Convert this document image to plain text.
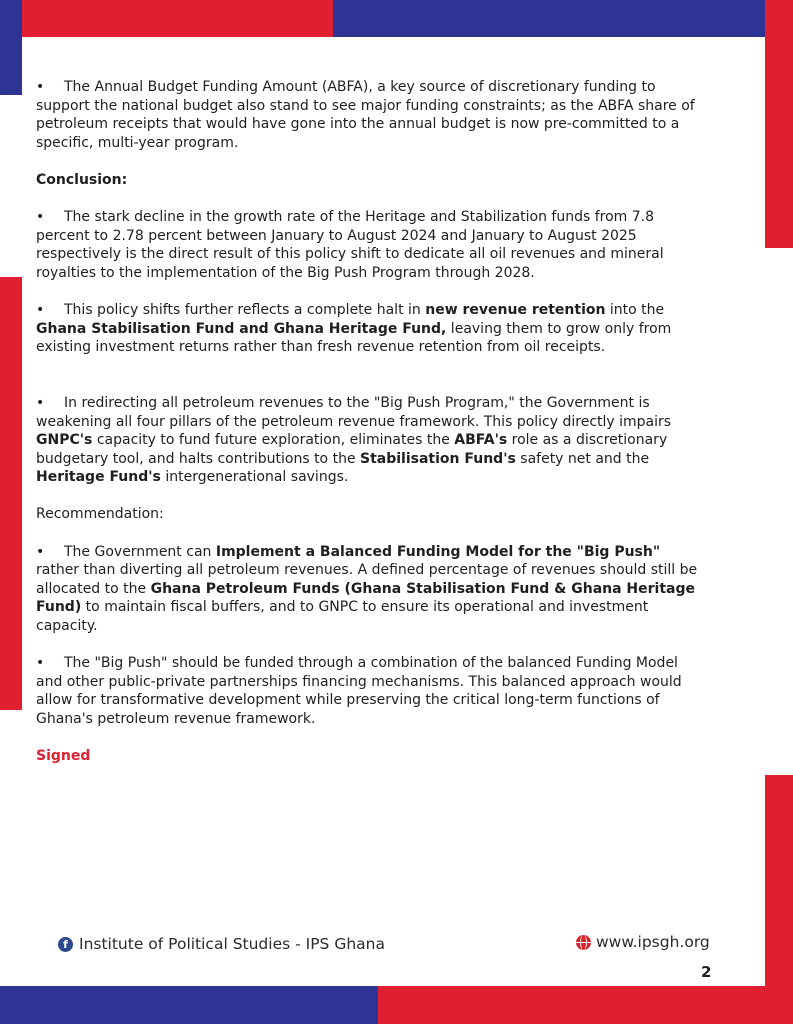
• The Annual Budget Funding Amount (ABFA), a key source of discretionary funding to support the national budget also stand to see major funding constraints; as the ABFA share of petroleum receipts that would have gone into the annual budget is now pre-committed to a specific, multi-year program.

Conclusion:

• The stark decline in the growth rate of the Heritage and Stabilization funds from 7.8 percent to 2.78 percent between January to August 2024 and January to August 2025 respectively is the direct result of this policy shift to dedicate all oil revenues and mineral royalties to the implementation of the Big Push Program through 2028.

• This policy shifts further reflects a complete halt in new revenue retention into the Ghana Stabilisation Fund and Ghana Heritage Fund, leaving them to grow only from existing investment returns rather than fresh revenue retention from oil receipts.

• In redirecting all petroleum revenues to the "Big Push Program," the Government is weakening all four pillars of the petroleum revenue framework. This policy directly impairs GNPC's capacity to fund future exploration, eliminates the ABFA's role as a discretionary budgetary tool, and halts contributions to the Stabilisation Fund's safety net and the Heritage Fund's intergenerational savings.

Recommendation:

• The Government can Implement a Balanced Funding Model for the "Big Push" rather than diverting all petroleum revenues. A defined percentage of revenues should still be allocated to the Ghana Petroleum Funds (Ghana Stabilisation Fund & Ghana Heritage Fund) to maintain fiscal buffers, and to GNPC to ensure its operational and investment capacity.

• The "Big Push" should be funded through a combination of the balanced Funding Model and other public-private partnerships financing mechanisms. This balanced approach would allow for transformative development while preserving the critical long-term functions of Ghana's petroleum revenue framework.

Signed

f Institute of Political Studies - IPS Ghana	www.ipsgh.org
2
